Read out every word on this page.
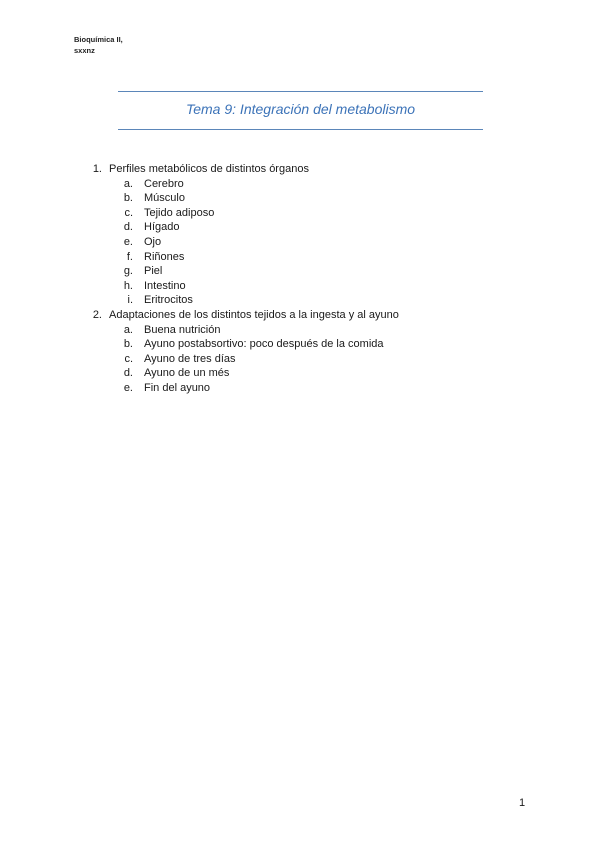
Bioquímica II,
sxxnz
Tema 9: Integración del metabolismo
1. Perfiles metabólicos de distintos órganos
a. Cerebro
b. Músculo
c. Tejido adiposo
d. Hígado
e. Ojo
f. Riñones
g. Piel
h. Intestino
i. Eritrocitos
2. Adaptaciones de los distintos tejidos a la ingesta y al ayuno
a. Buena nutrición
b. Ayuno postabsortivo: poco después de la comida
c. Ayuno de tres días
d. Ayuno de un més
e. Fin del ayuno
1
